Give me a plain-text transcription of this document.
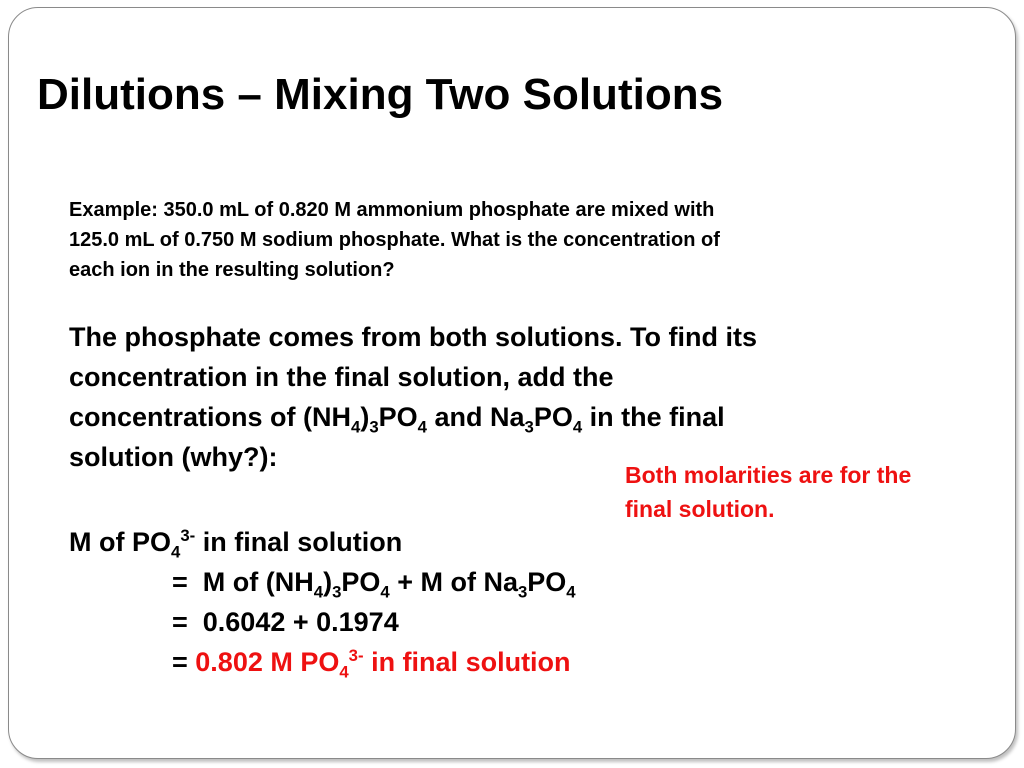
Dilutions – Mixing Two Solutions
Example: 350.0 mL of 0.820 M ammonium phosphate are mixed with
125.0 mL of 0.750 M sodium phosphate. What is the concentration of
each ion in the resulting solution?
The phosphate comes from both solutions. To find its
concentration in the final solution, add the
concentrations of $(NH_4)_3PO_4$ and $Na_3PO_4$ in the final
solution (why?):
Both molarities are for the
final solution.
M of $PO_4^{3-}$ in final solution
=  M of $(NH_4)_3PO_4 + M$ of $Na_3PO_4$
=  0.6042 + 0.1974
= 0.802 M $PO_4^{3-}$ in final solution
